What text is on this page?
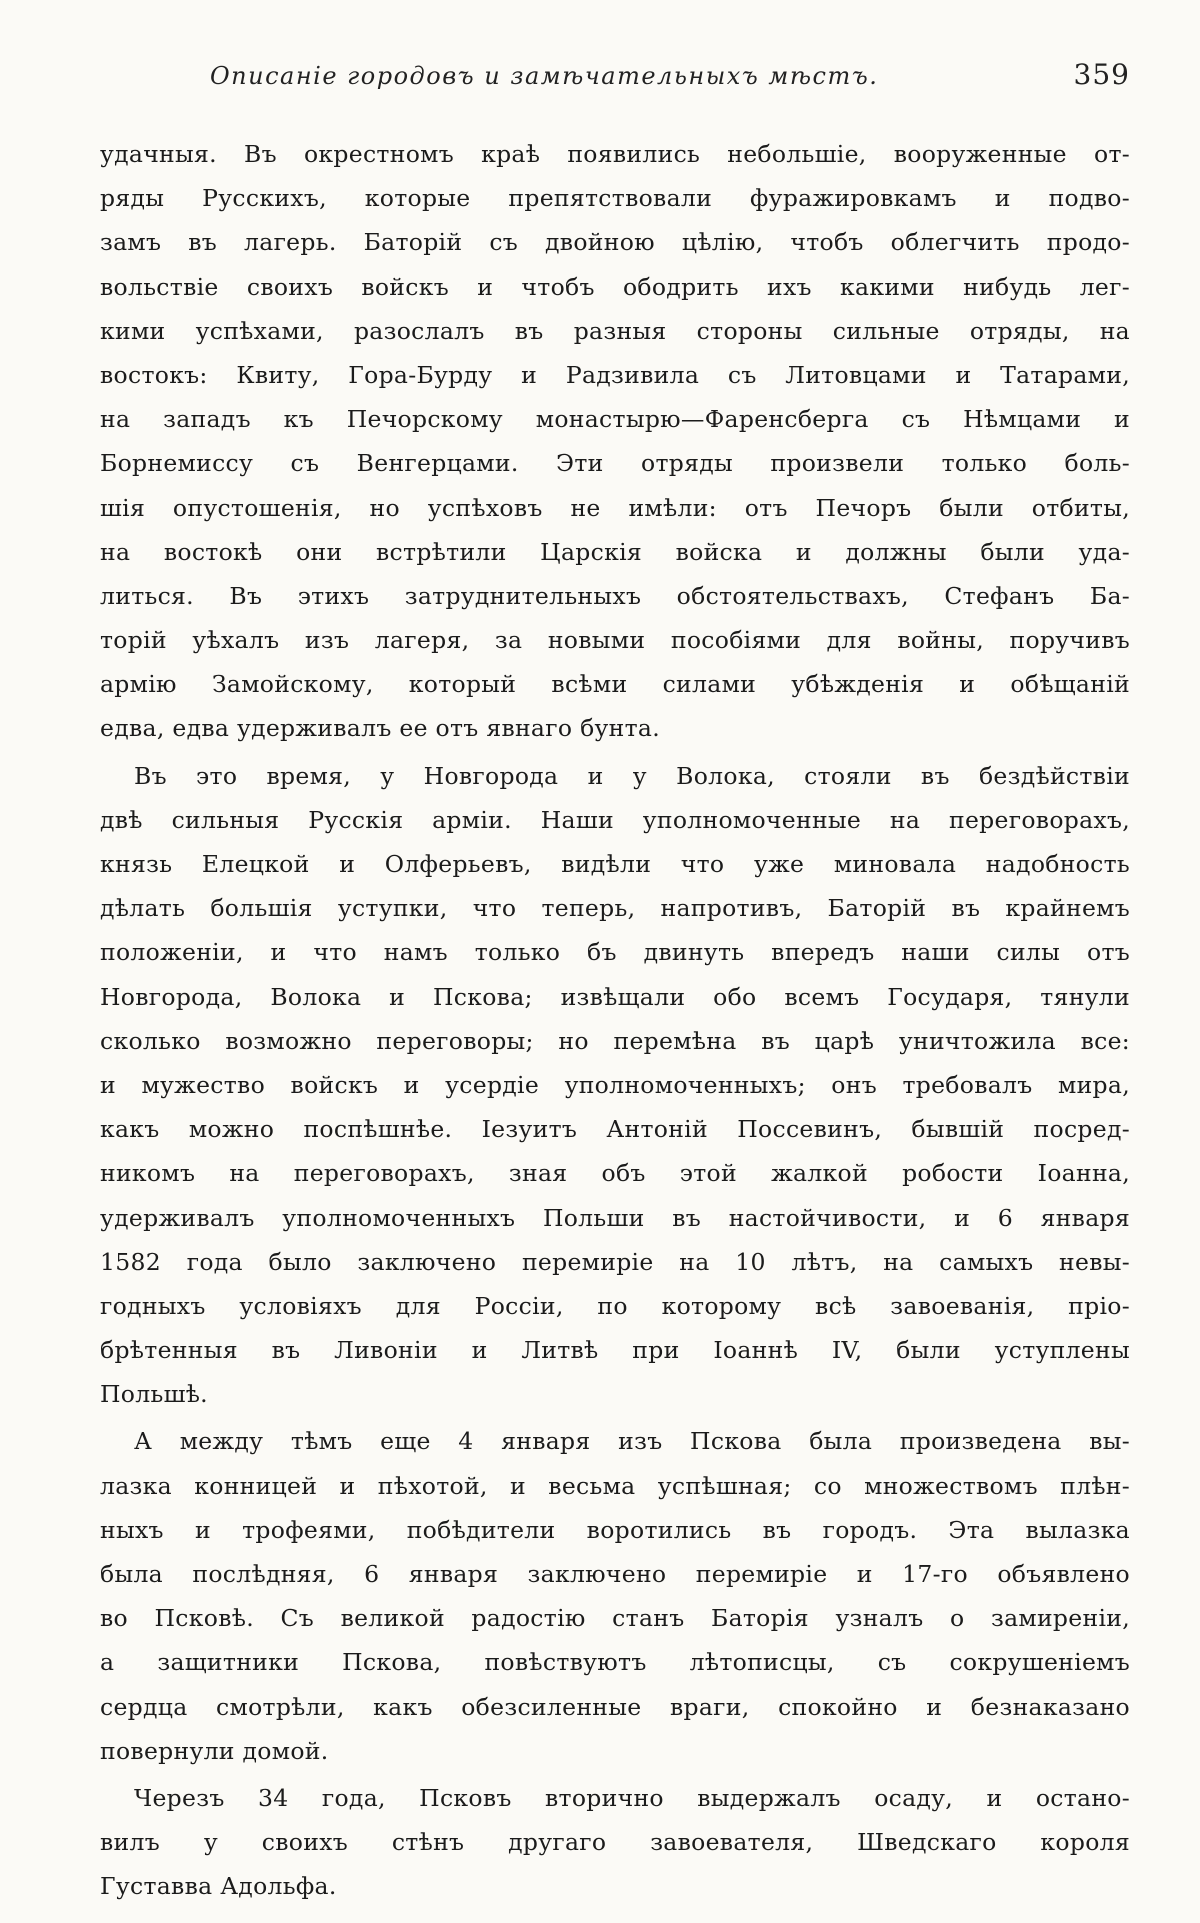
Описаніе городовъ и замѣчательныхъ мѣстъ.	359
удачныя. Въ окрестномъ краѣ появились небольшіе, вооруженные от-
ряды Русскихъ, которые препятствовали фуражировкамъ и подво-
замъ въ лагерь. Баторій съ двойною цѣлію, чтобъ облегчить продо-
вольствіе своихъ войскъ и чтобъ ободрить ихъ какими нибудь лег-
кими успѣхами, разослалъ въ разныя стороны сильные отряды, на
востокъ: Квиту, Гора-Бурду и Радзивила съ Литовцами и Татарами,
на западъ къ Печорскому монастырю—Фаренсберга съ Нѣмцами и
Борнемиссу съ Венгерцами. Эти отряды произвели только боль-
шія опустошенія, но успѣховъ не имѣли: отъ Печоръ были отбиты,
на востокѣ они встрѣтили Царскія войска и должны были уда-
литься. Въ этихъ затруднительныхъ обстоятельствахъ, Стефанъ Ба-
торій уѣхалъ изъ лагеря, за новыми пособіями для войны, поручивъ
армію Замойскому, который всѣми силами убѣжденія и обѣщаній
едва, едва удерживалъ ее отъ явнаго бунта.
Въ это время, у Новгорода и у Волока, стояли въ бездѣйствіи
двѣ сильныя Русскія арміи. Наши уполномоченные на переговорахъ,
князь Елецкой и Олферьевъ, видѣли что уже миновала надобность
дѣлать большія уступки, что теперь, напротивъ, Баторій въ крайнемъ
положеніи, и что намъ только бъ двинуть впередъ наши силы отъ
Новгорода, Волока и Пскова; извѣщали обо всемъ Государя, тянули
сколько возможно переговоры; но перемѣна въ царѣ уничтожила все:
и мужество войскъ и усердіе уполномоченныхъ; онъ требовалъ мира,
какъ можно поспѣшнѣе. Іезуитъ Антоній Поссевинъ, бывшій посред-
никомъ на переговорахъ, зная объ этой жалкой робости Іоанна,
удерживалъ уполномоченныхъ Польши въ настойчивости, и 6 января
1582 года было заключено перемиріе на 10 лѣтъ, на самыхъ невы-
годныхъ условіяхъ для Россіи, по которому всѣ завоеванія, пріо-
брѣтенныя въ Ливоніи и Литвѣ при Іоаннѣ IV, были уступлены
Польшѣ.
А между тѣмъ еще 4 января изъ Пскова была произведена вы-
лазка конницей и пѣхотой, и весьма успѣшная; со множествомъ плѣн-
ныхъ и трофеями, побѣдители воротились въ городъ. Эта вылазка
была послѣдняя, 6 января заключено перемиріе и 17-го объявлено
во Псковѣ. Съ великой радостію станъ Баторія узналъ о замиреніи,
а защитники Пскова, повѣствуютъ лѣтописцы, съ сокрушеніемъ
сердца смотрѣли, какъ обезсиленные враги, спокойно и безнаказано
повернули домой.
Черезъ 34 года, Псковъ вторично выдержалъ осаду, и остано-
вилъ у своихъ стѣнъ другаго завоевателя, Шведскаго короля
Густавва Адольфа.
